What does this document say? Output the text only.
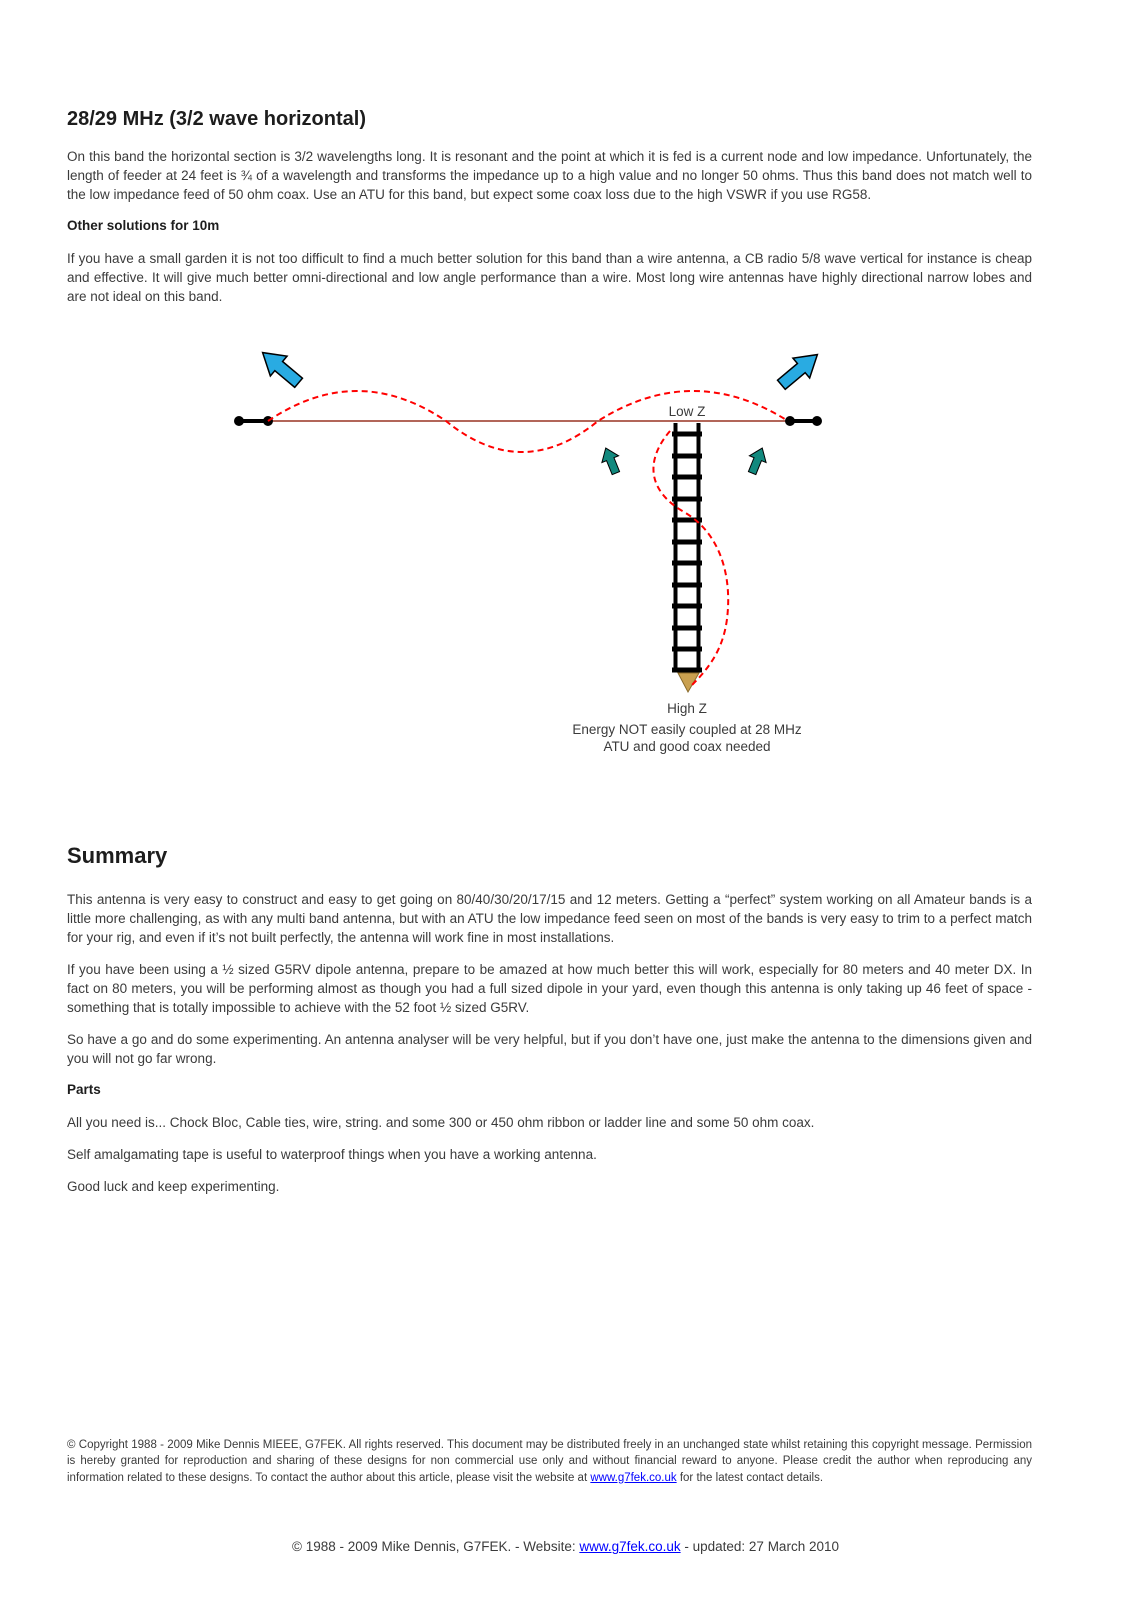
28/29 MHz (3/2 wave horizontal)

On this band the horizontal section is 3/2 wavelengths long. It is resonant and the point at which it is fed is a current node and low impedance. Unfortunately, the length of feeder at 24 feet is ¾ of a wavelength and transforms the impedance up to a high value and no longer 50 ohms. Thus this band does not match well to the low impedance feed of 50 ohm coax. Use an ATU for this band, but expect some coax loss due to the high VSWR if you use RG58.

Other solutions for 10m

If you have a small garden it is not too difficult to find a much better solution for this band than a wire antenna, a CB radio 5/8 wave vertical for instance is cheap and effective. It will give much better omni-directional and low angle performance than a wire. Most long wire antennas have highly directional narrow lobes and are not ideal on this band.

Low Z
High Z
Energy NOT easily coupled at 28 MHz
ATU and good coax needed
Summary

This antenna is very easy to construct and easy to get going on 80/40/30/20/17/15 and 12 meters. Getting a “perfect” system working on all Amateur bands is a little more challenging, as with any multi band antenna, but with an ATU the low impedance feed seen on most of the bands is very easy to trim to a perfect match for your rig, and even if it’s not built perfectly, the antenna will work fine in most installations.

If you have been using a ½ sized G5RV dipole antenna, prepare to be amazed at how much better this will work, especially for 80 meters and 40 meter DX. In fact on 80 meters, you will be performing almost as though you had a full sized dipole in your yard, even though this antenna is only taking up 46 feet of space - something that is totally impossible to achieve with the 52 foot ½ sized G5RV.

So have a go and do some experimenting. An antenna analyser will be very helpful, but if you don’t have one, just make the antenna to the dimensions given and you will not go far wrong.

Parts

All you need is... Chock Bloc, Cable ties, wire, string. and some 300 or 450 ohm ribbon or ladder line and some 50 ohm coax.

Self amalgamating tape is useful to waterproof things when you have a working antenna.

Good luck and keep experimenting.

© Copyright 1988 - 2009 Mike Dennis MIEEE, G7FEK. All rights reserved. This document may be distributed freely in an unchanged state whilst retaining this copyright message. Permission is hereby granted for reproduction and sharing of these designs for non commercial use only and without financial reward to anyone. Please credit the author when reproducing any information related to these designs. To contact the author about this article, please visit the website at www.g7fek.co.uk for the latest contact details.

© 1988 - 2009 Mike Dennis, G7FEK. - Website: www.g7fek.co.uk - updated: 27 March 2010
